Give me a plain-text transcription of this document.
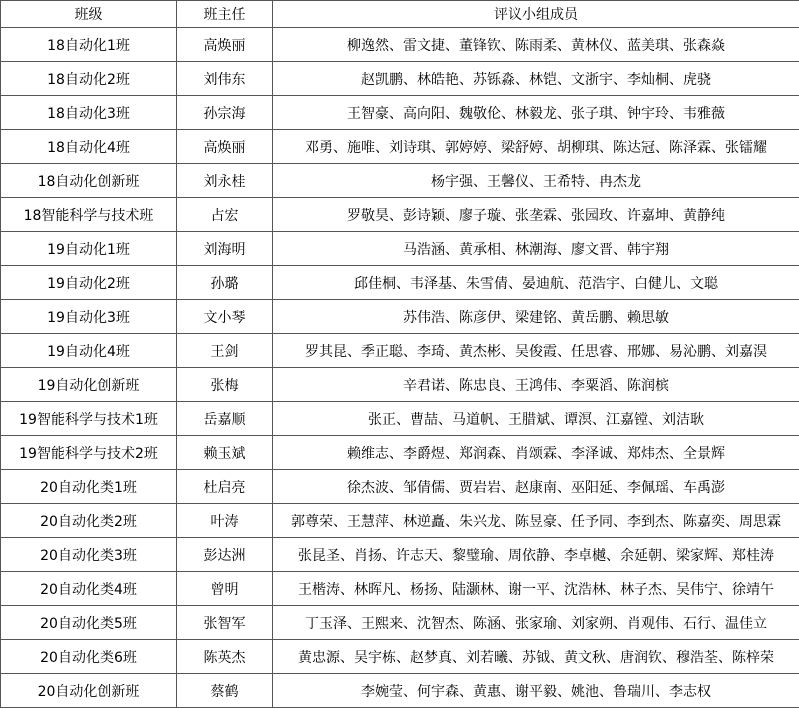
班级	班主任	评议小组成员
18自动化1班	高焕丽	柳逸然、雷文捷、董锋钦、陈雨柔、黄林仪、蓝美琪、张森焱
18自动化2班	刘伟东	赵凯鹏、林皓艳、苏铄淼、林铠、文浙宇、李灿桐、虎骁
18自动化3班	孙宗海	王智豪、高向阳、魏敬伦、林毅龙、张子琪、钟宇玲、韦雅薇
18自动化4班	高焕丽	邓勇、施唯、刘诗琪、郭婷婷、梁舒婷、胡柳琪、陈达冠、陈泽霖、张镭耀
18自动化创新班	刘永桂	杨宇强、王馨仪、王希特、冉杰龙
18智能科学与技术班	占宏	罗敬昊、彭诗颖、廖子璇、张垄霖、张园玫、许嘉坤、黄静纯
19自动化1班	刘海明	马浩涵、黄承相、林潮海、廖文晋、韩宇翔
19自动化2班	孙璐	邱佳桐、韦泽基、朱雪倩、晏迪航、范浩宇、白健儿、文聪
19自动化3班	文小琴	苏伟浩、陈彦伊、梁建铭、黄岳鹏、赖思敏
19自动化4班	王剑	罗其昆、季正聪、李琦、黄杰彬、吴俊霞、任思睿、邢娜、易沁鹏、刘嘉淏
19自动化创新班	张梅	辛君诺、陈忠良、王鸿伟、李粟滔、陈润槟
19智能科学与技术1班	岳嘉顺	张正、曹喆、马道帆、王腊斌、谭溟、江嘉镗、刘洁耿
19智能科学与技术2班	赖玉斌	赖维志、李爵煜、郑润森、肖颂霖、李泽诚、郑炜杰、全景辉
20自动化类1班	杜启亮	徐杰波、邹倩儒、贾岩岩、赵康南、巫阳延、李佩瑶、车禹澎
20自动化类2班	叶涛	郭尊荣、王慧萍、林逆矗、朱兴龙、陈昱豪、任予同、李到杰、陈嘉奕、周思霖
20自动化类3班	彭达洲	张昆圣、肖扬、许志天、黎璧瑜、周依静、李卓樾、余延朝、梁家辉、郑桂涛
20自动化类4班	曾明	王楷涛、林晖凡、杨扬、陆灏林、谢一平、沈浩林、林子杰、吴伟宁、徐靖午
20自动化类5班	张智军	丁玉泽、王熙来、沈智杰、陈涵、张家瑜、刘家朔、肖观伟、石行、温佳立
20自动化类6班	陈英杰	黄忠源、吴宇栋、赵梦真、刘若曦、苏钺、黄文秋、唐润钦、穆浩荃、陈梓荣
20自动化创新班	蔡鹤	李婉莹、何宇森、黄惠、谢平毅、姚池、鲁瑞川、李志权
